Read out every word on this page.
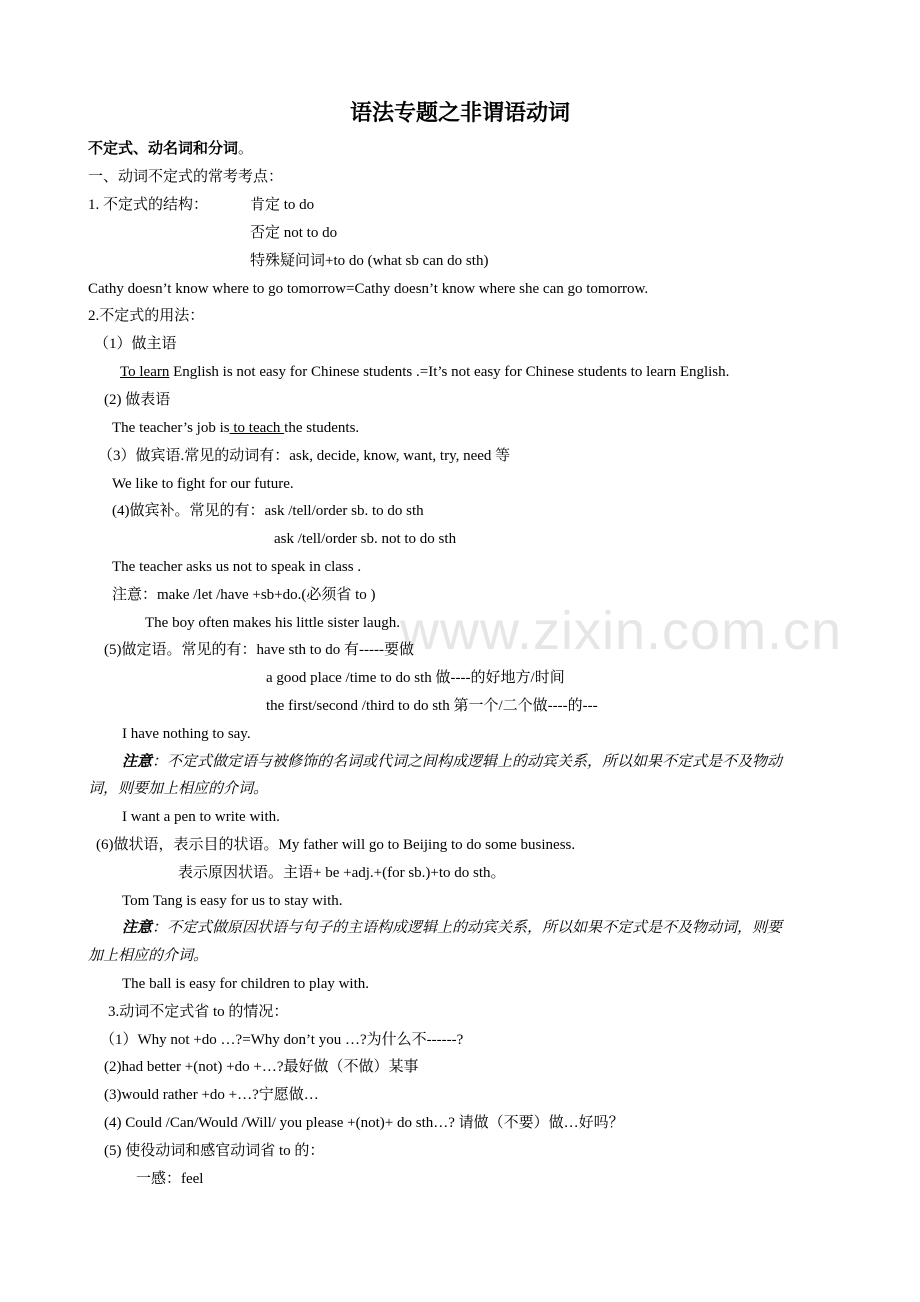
www.zixin.com.cn
语法专题之非谓语动词
不定式、动名词和分词。
一、动词不定式的常考考点：
1. 不定式的结构：	肯定 to do
否定 not to do
特殊疑问词+to do (what sb can do sth)
Cathy doesn’t know where to go tomorrow=Cathy doesn’t know where she can go tomorrow.
2.不定式的用法：
（1）做主语
To learn English is not easy for Chinese students .=It’s not easy for Chinese students to learn English.
(2) 做表语
The teacher’s job is to teach the students.
（3）做宾语.常见的动词有：ask, decide, know, want, try, need 等
We like to fight for our future.
(4)做宾补。常见的有：ask /tell/order sb. to do sth
ask /tell/order sb. not to do sth
The teacher asks us not to speak in class .
注意：make /let /have +sb+do.(必须省 to )
The boy often makes his little sister laugh.
(5)做定语。常见的有：have sth to do 有-----要做
a good place /time to do sth 做----的好地方/时间
the first/second /third to do sth 第一个/二个做----的---
I have nothing to say.
注意：不定式做定语与被修饰的名词或代词之间构成逻辑上的动宾关系，所以如果不定式是不及物动
词，则要加上相应的介词。
I want a pen to write with.
(6)做状语，表示目的状语。My father will go to Beijing to do some business.
表示原因状语。主语+ be +adj.+(for sb.)+to do sth。
Tom Tang is easy for us to stay with.
注意：不定式做原因状语与句子的主语构成逻辑上的动宾关系，所以如果不定式是不及物动词，则要
加上相应的介词。
The ball is easy for children to play with.
3.动词不定式省 to 的情况：
（1）Why not +do …?=Why don’t you …?为什么不------?
(2)had better +(not) +do +…?最好做（不做）某事
(3)would rather +do +…?宁愿做…
(4) Could /Can/Would /Will/ you please +(not)+ do sth…? 请做（不要）做…好吗？
(5) 使役动词和感官动词省 to 的：
一感：feel
